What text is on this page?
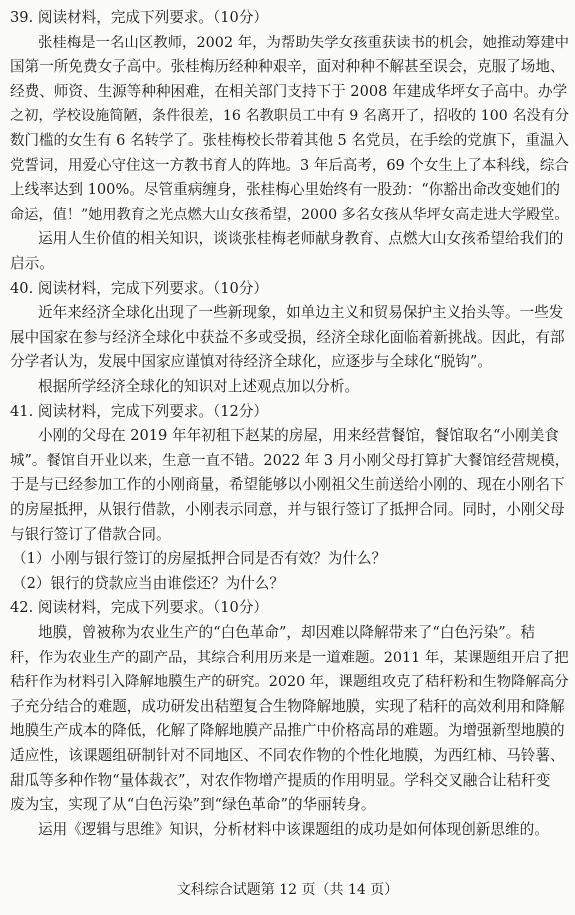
39. 阅读材料，完成下列要求。（10分）
张桂梅是一名山区教师，2002 年，为帮助失学女孩重获读书的机会，她推动筹建中
国第一所免费女子高中。张桂梅历经种种艰辛，面对种种不解甚至误会，克服了场地、
经费、师资、生源等种种困难，在相关部门支持下于 2008 年建成华坪女子高中。办学
之初，学校设施简陋，条件很差，16 名教职员工中有 9 名离开了，招收的 100 名没有分
数门槛的女生有 6 名转学了。张桂梅校长带着其他 5 名党员，在手绘的党旗下，重温入
党誓词，用爱心守住这一方教书育人的阵地。3 年后高考，69 个女生上了本科线，综合
上线率达到 100%。尽管重病缠身，张桂梅心里始终有一股劲：“你豁出命改变她们的
命运，值！”她用教育之光点燃大山女孩希望，2000 多名女孩从华坪女高走进大学殿堂。
运用人生价值的相关知识，谈谈张桂梅老师献身教育、点燃大山女孩希望给我们的
启示。
40. 阅读材料，完成下列要求。（10分）
近年来经济全球化出现了一些新现象，如单边主义和贸易保护主义抬头等。一些发
展中国家在参与经济全球化中获益不多或受损，经济全球化面临着新挑战。因此，有部
分学者认为，发展中国家应谨慎对待经济全球化，应逐步与全球化“脱钩”。
根据所学经济全球化的知识对上述观点加以分析。
41. 阅读材料，完成下列要求。（12分）
小刚的父母在 2019 年年初租下赵某的房屋，用来经营餐馆，餐馆取名“小刚美食
城”。餐馆自开业以来，生意一直不错。2022 年 3 月小刚父母打算扩大餐馆经营规模，
于是与已经参加工作的小刚商量，希望能够以小刚祖父生前送给小刚的、现在小刚名下
的房屋抵押，从银行借款，小刚表示同意，并与银行签订了抵押合同。同时，小刚父母
与银行签订了借款合同。
（1）小刚与银行签订的房屋抵押合同是否有效？为什么？
（2）银行的贷款应当由谁偿还？为什么？
42. 阅读材料，完成下列要求。（10分）
地膜，曾被称为农业生产的“白色革命”，却因难以降解带来了“白色污染”。秸
秆，作为农业生产的副产品，其综合利用历来是一道难题。2011 年，某课题组开启了把
秸秆作为材料引入降解地膜生产的研究。2020 年，课题组攻克了秸秆粉和生物降解高分
子充分结合的难题，成功研发出秸塑复合生物降解地膜，实现了秸秆的高效利用和降解
地膜生产成本的降低，化解了降解地膜产品推广中价格高昂的难题。为增强新型地膜的
适应性，该课题组研制针对不同地区、不同农作物的个性化地膜，为西红柿、马铃薯、
甜瓜等多种作物“量体裁衣”，对农作物增产提质的作用明显。学科交叉融合让秸秆变
废为宝，实现了从“白色污染”到“绿色革命”的华丽转身。
文科综合试题第 12 页（共 14 页）
运用《逻辑与思维》知识，分析材料中该课题组的成功是如何体现创新思维的。
